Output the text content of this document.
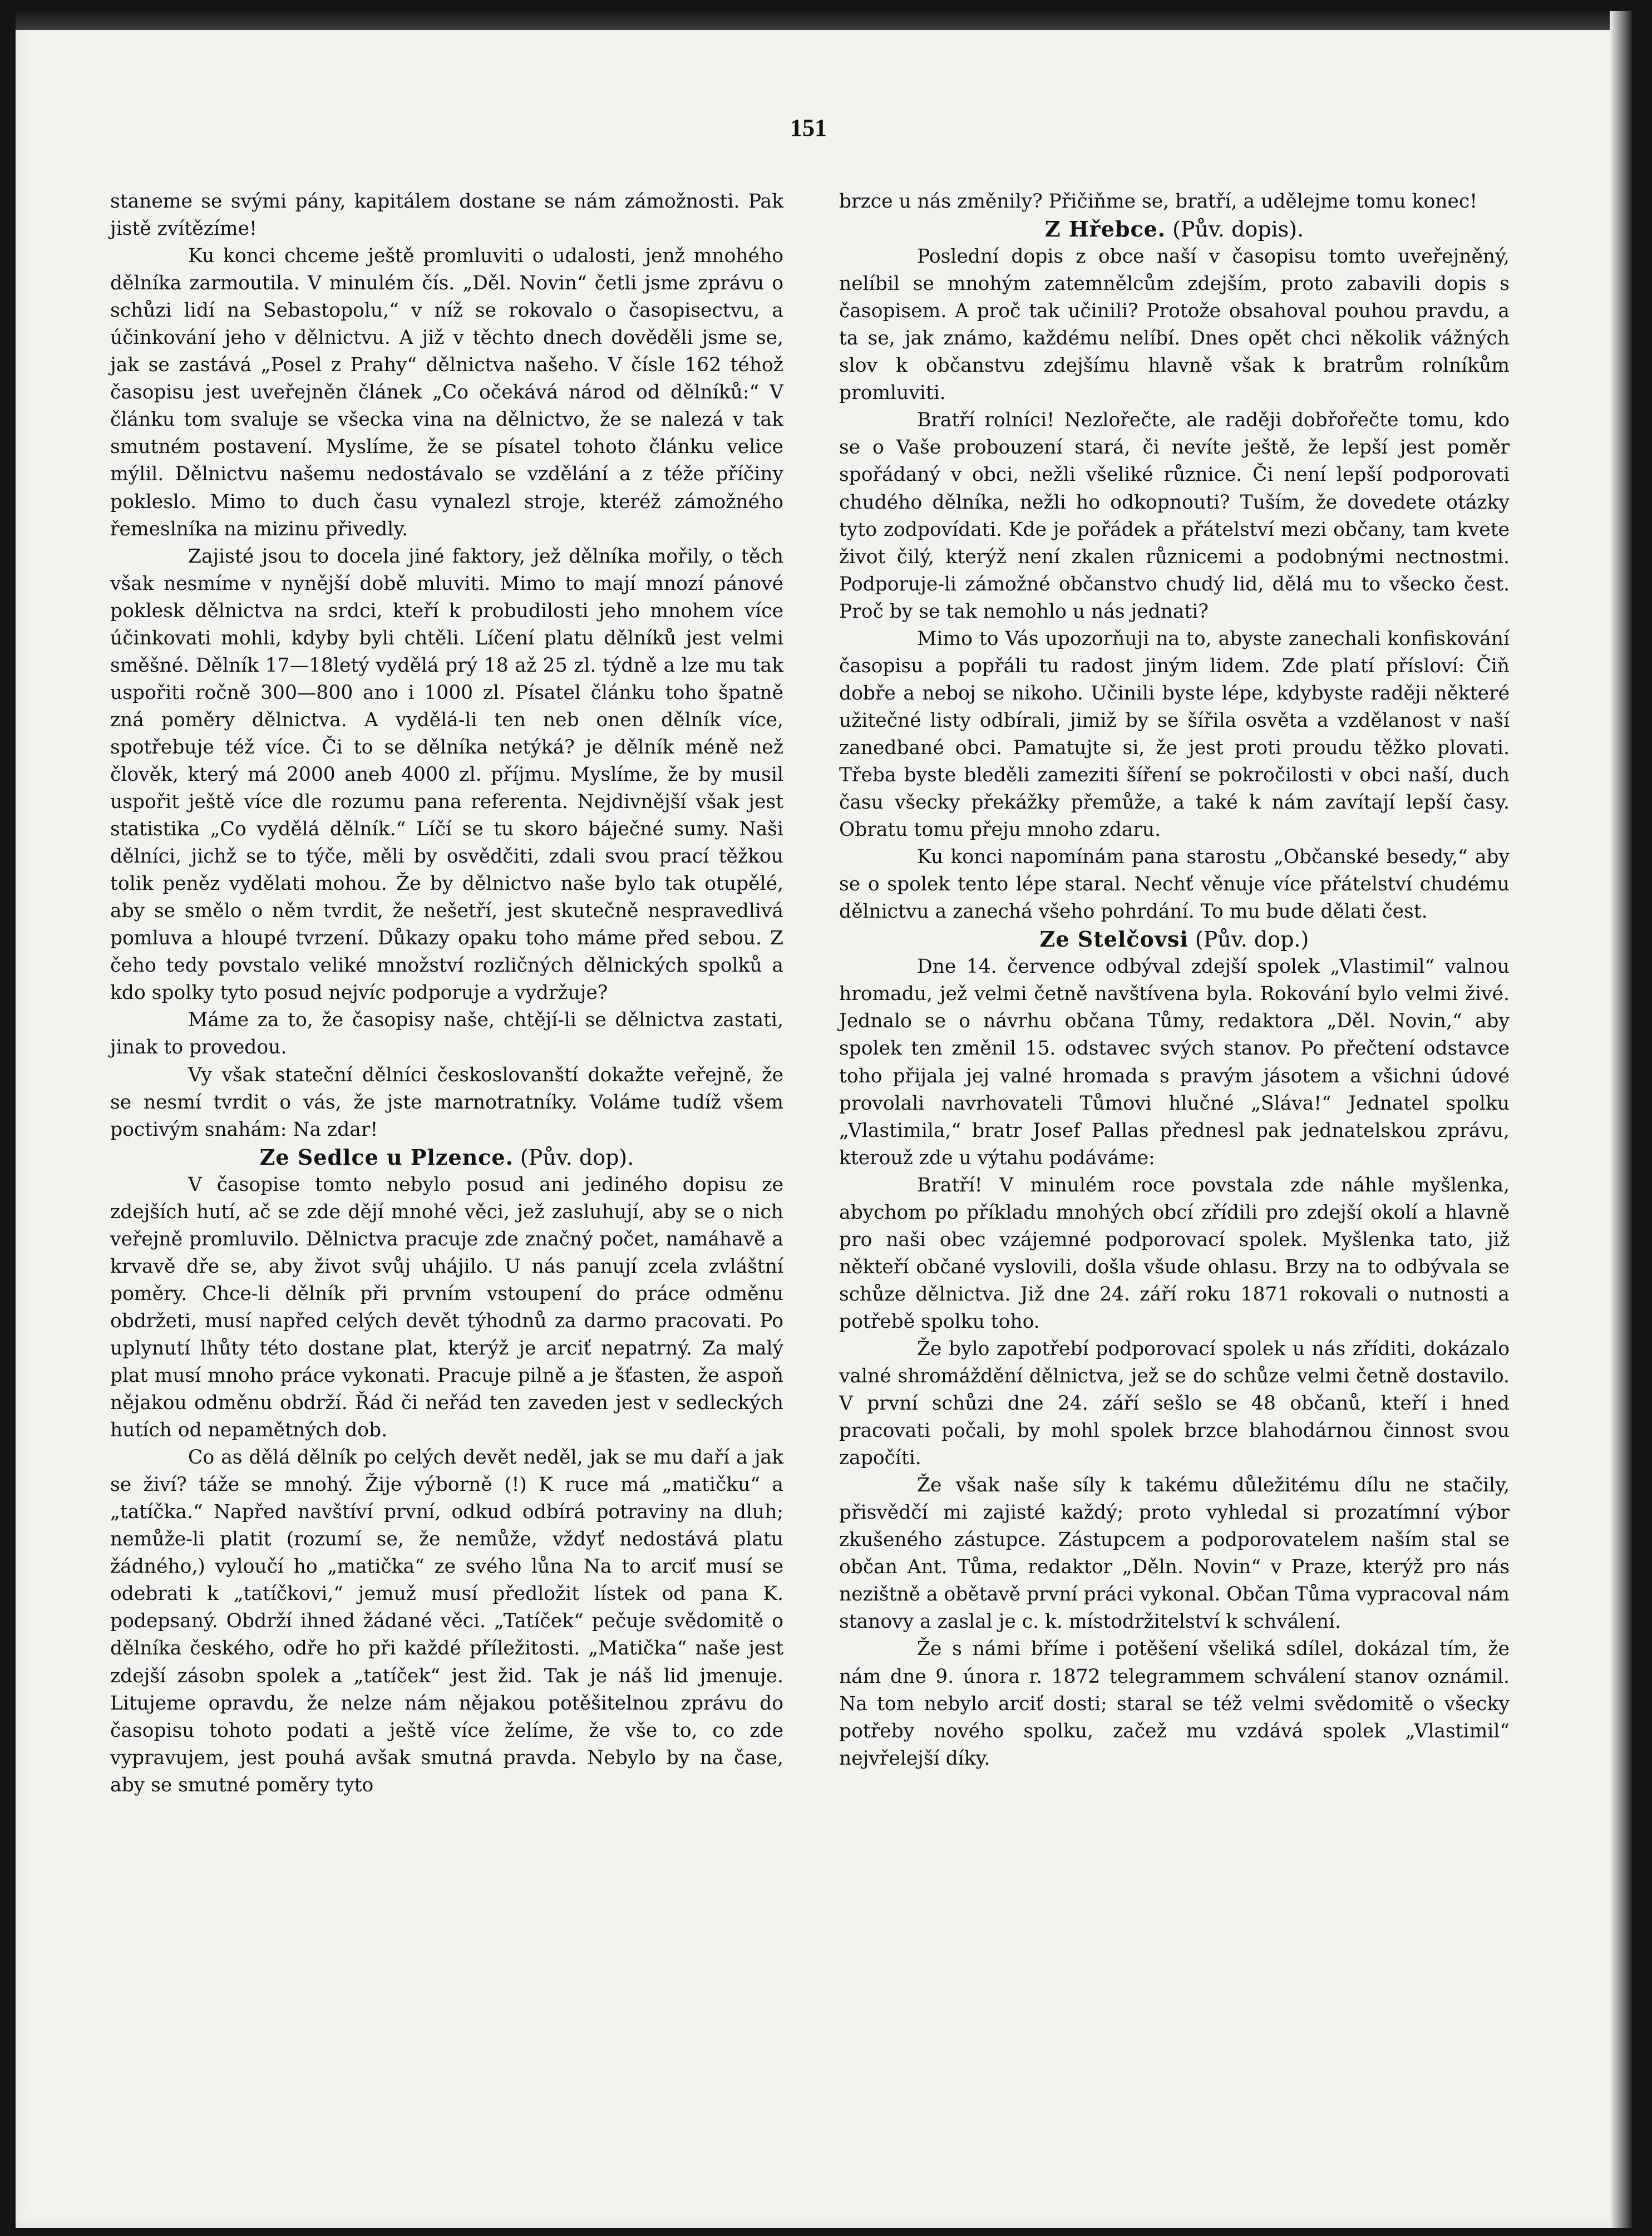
151

staneme se svými pány, kapitálem dostane se nám zámožnosti. Pak jistě zvítězíme!

Ku konci chceme ještě promluviti o udalosti, jenž mnohého dělníka zarmoutila. V minulém čís. „Děl. Novin“ četli jsme zprávu o schůzi lidí na Sebastopolu,“ v níž se rokovalo o časopisectvu, a účinkování jeho v dělnictvu. A již v těchto dnech dověděli jsme se, jak se zastává „Posel z Prahy“ dělnictva našeho. V čísle 162 téhož časopisu jest uveřejněn článek „Co očekává národ od dělníků:“ V článku tom svaluje se všecka vina na dělnictvo, že se nalezá v tak smutném postavení. Myslíme, že se písatel tohoto článku velice mýlil. Dělnictvu našemu nedostávalo se vzdělání a z téže příčiny pokleslo. Mimo to duch času vynalezl stroje, kteréž zámožného řemeslníka na mizinu přivedly.

Zajisté jsou to docela jiné faktory, jež dělníka mořily, o těch však nesmíme v nynější době mluviti. Mimo to mají mnozí pánové poklesk dělnictva na srdci, kteří k probudilosti jeho mnohem více účinkovati mohli, kdyby byli chtěli. Líčení platu dělníků jest velmi směšné. Dělník 17—18letý vydělá prý 18 až 25 zl. týdně a lze mu tak uspořiti ročně 300—800 ano i 1000 zl. Písatel článku toho špatně zná poměry dělnictva. A vydělá-li ten neb onen dělník více, spotřebuje též více. Či to se dělníka netýká? je dělník méně než člověk, který má 2000 aneb 4000 zl. příjmu. Myslíme, že by musil uspořit ještě více dle rozumu pana referenta. Nejdivnější však jest statistika „Co vydělá dělník.“ Líčí se tu skoro báječné sumy. Naši dělníci, jichž se to týče, měli by osvědčiti, zdali svou prací těžkou tolik peněz vydělati mohou. Že by dělnictvo naše bylo tak otupělé, aby se smělo o něm tvrdit, že nešetří, jest skutečně nespravedlivá pomluva a hloupé tvrzení. Důkazy opaku toho máme před sebou. Z čeho tedy povstalo veliké množství rozličných dělnických spolků a kdo spolky tyto posud nejvíc podporuje a vydržuje?

Máme za to, že časopisy naše, chtějí-li se dělnictva zastati, jinak to provedou.

Vy však stateční dělníci českoslovanští dokažte veřejně, že se nesmí tvrdit o vás, že jste marnotratníky. Voláme tudíž všem poctivým snahám: Na zdar!

Ze Sedlce u Plzence. (Pův. dop).

V časopise tomto nebylo posud ani jediného dopisu ze zdejších hutí, ač se zde dějí mnohé věci, jež zasluhují, aby se o nich veřejně promluvilo. Dělnictva pracuje zde značný počet, namáhavě a krvavě dře se, aby život svůj uhájilo. U nás panují zcela zvláštní poměry. Chce-li dělník při prvním vstoupení do práce odměnu obdržeti, musí napřed celých devět týhodnů za darmo pracovati. Po uplynutí lhůty této dostane plat, kterýž je arciť nepatrný. Za malý plat musí mnoho práce vykonati. Pracuje pilně a je šťasten, že aspoň nějakou odměnu obdrží. Řád či neřád ten zaveden jest v sedleckých hutích od nepamětných dob.

Co as dělá dělník po celých devět neděl, jak se mu daří a jak se živí? táže se mnohý. Žije výborně (!) K ruce má „matičku“ a „tatíčka.“ Napřed navštíví první, odkud odbírá potraviny na dluh; nemůže-li platit (rozumí se, že nemůže, vždyť nedostává platu žádného,) vyloučí ho „matička“ ze svého lůna Na to arciť musí se odebrati k „tatíčkovi,“ jemuž musí předložit lístek od pana K. podepsaný. Obdrží ihned žádané věci. „Tatíček“ pečuje svědomitě o dělníka českého, odře ho při každé příležitosti. „Matička“ naše jest zdejší zásobn spolek a „tatíček“ jest žid. Tak je náš lid jmenuje. Litujeme opravdu, že nelze nám nějakou potěšitelnou zprávu do časopisu tohoto podati a ještě více želíme, že vše to, co zde vypravujem, jest pouhá avšak smutná pravda. Nebylo by na čase, aby se smutné poměry tyto

brzce u nás změnily? Přičiňme se, bratří, a udělejme tomu konec!

Z Hřebce. (Pův. dopis).

Poslední dopis z obce naší v časopisu tomto uveřejněný, nelíbil se mnohým zatemnělcům zdejším, proto zabavili dopis s časopisem. A proč tak učinili? Protože obsahoval pouhou pravdu, a ta se, jak známo, každému nelíbí. Dnes opět chci několik vážných slov k občanstvu zdejšímu hlavně však k bratrům rolníkům promluviti.

Bratří rolníci! Nezlořečte, ale raději dobřořečte tomu, kdo se o Vaše probouzení stará, či nevíte ještě, že lepší jest poměr spořádaný v obci, nežli všeliké různice. Či není lepší podporovati chudého dělníka, nežli ho odkopnouti? Tuším, že dovedete otázky tyto zodpovídati. Kde je pořádek a přátelství mezi občany, tam kvete život čilý, kterýž není zkalen různicemi a podobnými nectnostmi. Podporuje-li zámožné občanstvo chudý lid, dělá mu to všecko čest. Proč by se tak nemohlo u nás jednati?

Mimo to Vás upozorňuji na to, abyste zanechali konfiskování časopisu a popřáli tu radost jiným lidem. Zde platí přísloví: Čiň dobře a neboj se nikoho. Učinili byste lépe, kdybyste raději některé užitečné listy odbírali, jimiž by se šířila osvěta a vzdělanost v naší zanedbané obci. Pamatujte si, že jest proti proudu těžko plovati. Třeba byste bleděli zameziti šíření se pokročilosti v obci naší, duch času všecky překážky přemůže, a také k nám zavítají lepší časy. Obratu tomu přeju mnoho zdaru.

Ku konci napomínám pana starostu „Občanské besedy,“ aby se o spolek tento lépe staral. Nechť věnuje více přátelství chudému dělnictvu a zanechá všeho pohrdání. To mu bude dělati čest.

Ze Stelčovsi (Pův. dop.)

Dne 14. července odbýval zdejší spolek „Vlastimil“ valnou hromadu, jež velmi četně navštívena byla. Rokování bylo velmi živé. Jednalo se o návrhu občana Tůmy, redaktora „Děl. Novin,“ aby spolek ten změnil 15. odstavec svých stanov. Po přečtení odstavce toho přijala jej valné hromada s pravým jásotem a všichni údové provolali navrhovateli Tůmovi hlučné „Sláva!“ Jednatel spolku „Vlastimila,“ bratr Josef Pallas přednesl pak jednatelskou zprávu, kterouž zde u výtahu podáváme:

Bratří! V minulém roce povstala zde náhle myšlenka, abychom po příkladu mnohých obcí zřídili pro zdejší okolí a hlavně pro naši obec vzájemné podporovací spolek. Myšlenka tato, již někteří občané vyslovili, došla všude ohlasu. Brzy na to odbývala se schůze dělnictva. Již dne 24. září roku 1871 rokovali o nutnosti a potřebě spolku toho.

Že bylo zapotřebí podporovací spolek u nás zříditi, dokázalo valné shromáždění dělnictva, jež se do schůze velmi četně dostavilo. V první schůzi dne 24. září sešlo se 48 občanů, kteří i hned pracovati počali, by mohl spolek brzce blahodárnou činnost svou započíti.

Že však naše síly k takému důležitému dílu ne stačily, přisvědčí mi zajisté každý; proto vyhledal si prozatímní výbor zkušeného zástupce. Zástupcem a podporovatelem naším stal se občan Ant. Tůma, redaktor „Děln. Novin“ v Praze, kterýž pro nás nezištně a obětavě první práci vykonal. Občan Tůma vypracoval nám stanovy a zaslal je c. k. místodržitelství k schválení.

Že s námi bříme i potěšení všeliká sdílel, dokázal tím, že nám dne 9. února r. 1872 telegrammem schválení stanov oznámil. Na tom nebylo arciť dosti; staral se též velmi svědomitě o všecky potřeby nového spolku, začež mu vzdává spolek „Vlastimil“ nejvřelejší díky.
